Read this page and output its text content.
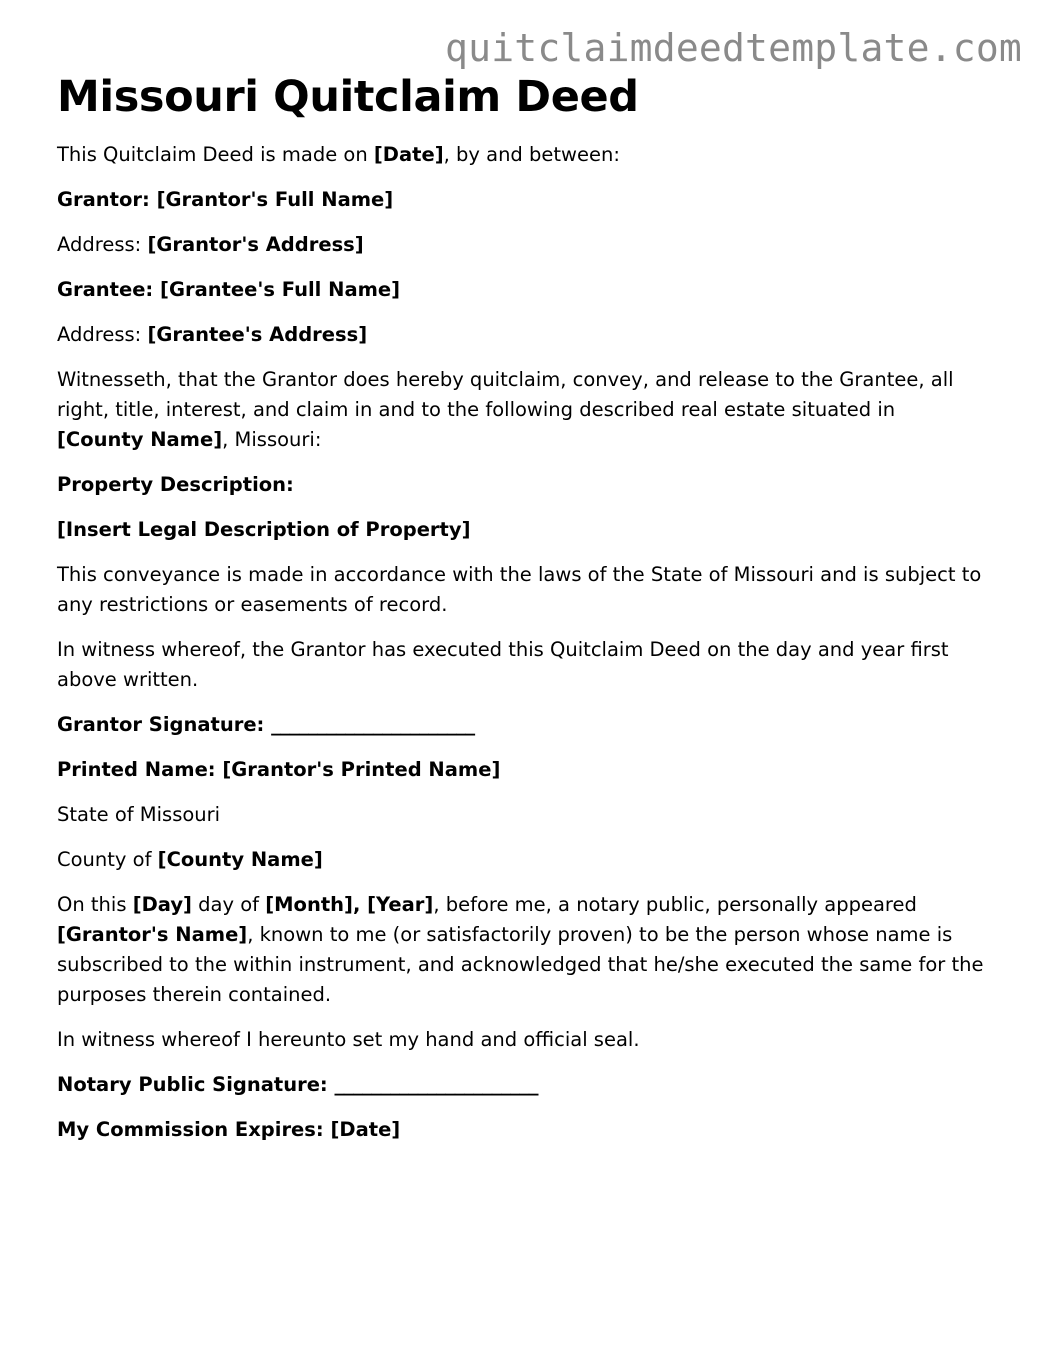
quitclaimdeedtemplate.com
Missouri Quitclaim Deed

This Quitclaim Deed is made on [Date], by and between:

Grantor: [Grantor's Full Name]

Address: [Grantor's Address]

Grantee: [Grantee's Full Name]

Address: [Grantee's Address]

Witnesseth, that the Grantor does hereby quitclaim, convey, and release to the Grantee, all right, title, interest, and claim in and to the following described real estate situated in [County Name], Missouri:

Property Description:

[Insert Legal Description of Property]

This conveyance is made in accordance with the laws of the State of Missouri and is subject to any restrictions or easements of record.

In witness whereof, the Grantor has executed this Quitclaim Deed on the day and year first above written.

Grantor Signature: ______________________

Printed Name: [Grantor's Printed Name]

State of Missouri

County of [County Name]

On this [Day] day of [Month], [Year], before me, a notary public, personally appeared [Grantor's Name], known to me (or satisfactorily proven) to be the person whose name is subscribed to the within instrument, and acknowledged that he/she executed the same for the purposes therein contained.

In witness whereof I hereunto set my hand and official seal.

Notary Public Signature: ______________________

My Commission Expires: [Date]
